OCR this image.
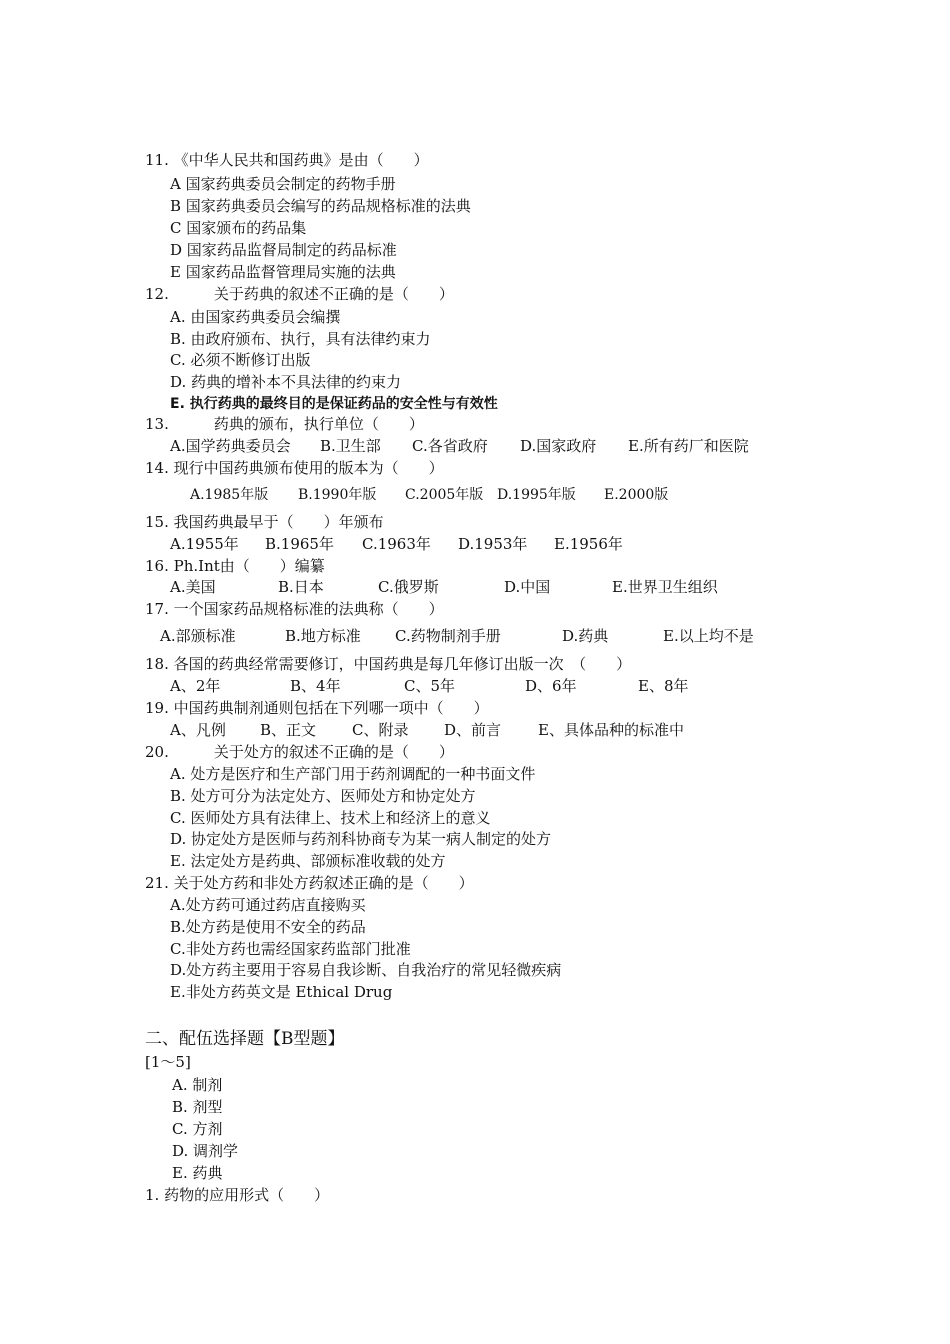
11. 《中华人民共和国药典》是由（　　）
A 国家药典委员会制定的药物手册
B 国家药典委员会编写的药品规格标准的法典
C 国家颁布的药品集
D 国家药品监督局制定的药品标准
E 国家药品监督管理局实施的法典
12.　　　关于药典的叙述不正确的是（　　）
A. 由国家药典委员会编撰
B. 由政府颁布、执行，具有法律约束力
C. 必须不断修订出版
D. 药典的增补本不具法律的约束力
E. 执行药典的最终目的是保证药品的安全性与有效性
13.　　　药典的颁布，执行单位（　　）
A.国学药典委员会 B.卫生部 C.各省政府 D.国家政府 E.所有药厂和医院
14. 现行中国药典颁布使用的版本为（　　）
A.1985年版 B.1990年版 C.2005年版 D.1995年版 E.2000版
15. 我国药典最早于（　　）年颁布
A.1955年 B.1965年 C.1963年 D.1953年 E.1956年
16. Ph.Int由（　　）编纂
A.美国	B.日本	C.俄罗斯	D.中国	E.世界卫生组织
17. 一个国家药品规格标准的法典称（　　）
A.部颁标准	B.地方标准 C.药物制剂手册	D.药典	E.以上均不是
18. 各国的药典经常需要修订，中国药典是每几年修订出版一次　（　　）
A、2年	B、4年	C、5年	D、6年	E、8年
19. 中国药典制剂通则包括在下列哪一项中（　　）
A、凡例 B、正文 C、附录 D、前言 E、具体品种的标准中
20.　　　关于处方的叙述不正确的是（　　）
A. 处方是医疗和生产部门用于药剂调配的一种书面文件
B. 处方可分为法定处方、医师处方和协定处方
C. 医师处方具有法律上、技术上和经济上的意义
D. 协定处方是医师与药剂科协商专为某一病人制定的处方
E. 法定处方是药典、部颁标准收载的处方
21. 关于处方药和非处方药叙述正确的是（　　）
A.处方药可通过药店直接购买
B.处方药是使用不安全的药品
C.非处方药也需经国家药监部门批准
D.处方药主要用于容易自我诊断、自我治疗的常见轻微疾病
E.非处方药英文是 Ethical Drug
二、配伍选择题【B型题】
[1～5]
A. 制剂
B. 剂型
C. 方剂
D. 调剂学
E. 药典
1. 药物的应用形式（　　）
